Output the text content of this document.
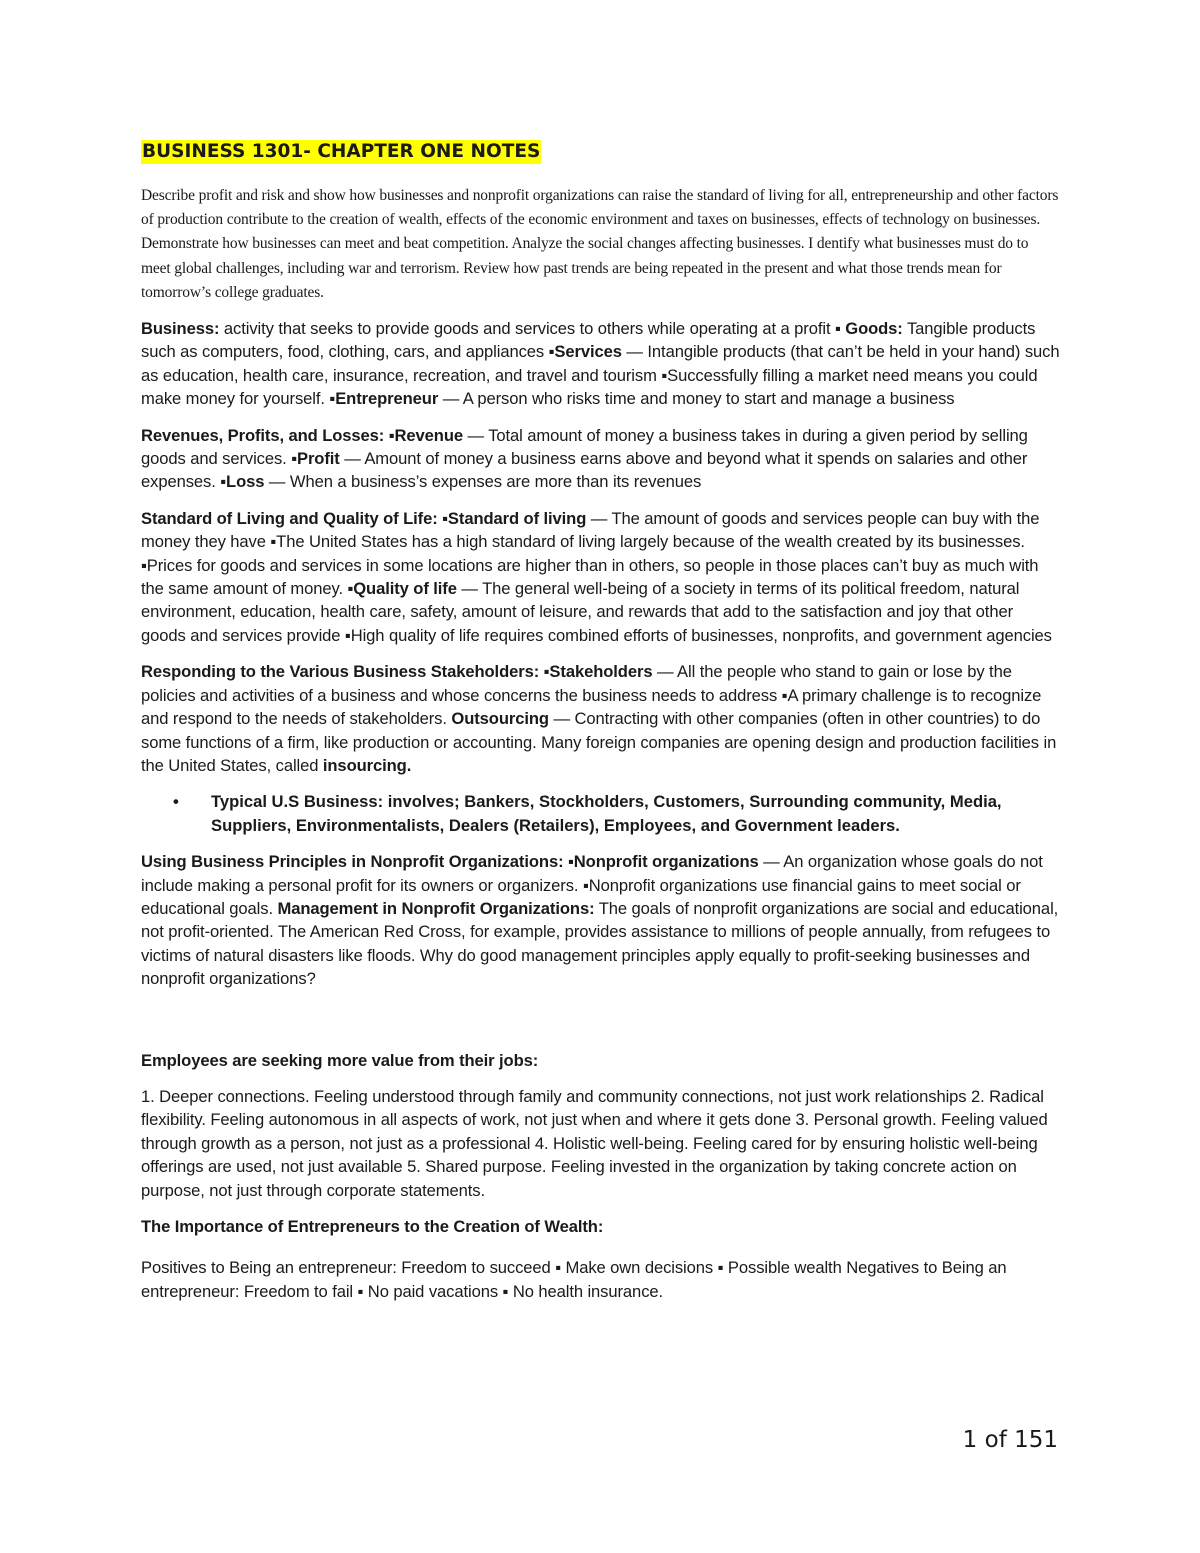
BUSINESS 1301- CHAPTER ONE NOTES

Describe profit and risk and show how businesses and nonprofit organizations can raise the standard of living for all, entrepreneurship and other factors of production contribute to the creation of wealth, effects of the economic environment and taxes on businesses, effects of technology on businesses. Demonstrate how businesses can meet and beat competition. Analyze the social changes affecting businesses. I dentify what businesses must do to meet global challenges, including war and terrorism. Review how past trends are being repeated in the present and what those trends mean for tomorrow’s college graduates.

Business: activity that seeks to provide goods and services to others while operating at a profit ▪ Goods: Tangible products such as computers, food, clothing, cars, and appliances ▪Services — Intangible products (that can’t be held in your hand) such as education, health care, insurance, recreation, and travel and tourism ▪Successfully filling a market need means you could make money for yourself. ▪Entrepreneur — A person who risks time and money to start and manage a business

Revenues, Profits, and Losses: ▪Revenue — Total amount of money a business takes in during a given period by selling goods and services. ▪Profit — Amount of money a business earns above and beyond what it spends on salaries and other expenses. ▪Loss — When a business’s expenses are more than its revenues

Standard of Living and Quality of Life: ▪Standard of living — The amount of goods and services people can buy with the money they have ▪The United States has a high standard of living largely because of the wealth created by its businesses. ▪Prices for goods and services in some locations are higher than in others, so people in those places can’t buy as much with the same amount of money. ▪Quality of life — The general well-being of a society in terms of its political freedom, natural environment, education, health care, safety, amount of leisure, and rewards that add to the satisfaction and joy that other goods and services provide ▪High quality of life requires combined efforts of businesses, nonprofits, and government agencies

Responding to the Various Business Stakeholders: ▪Stakeholders — All the people who stand to gain or lose by the policies and activities of a business and whose concerns the business needs to address ▪A primary challenge is to recognize and respond to the needs of stakeholders. Outsourcing — Contracting with other companies (often in other countries) to do some functions of a firm, like production or accounting. Many foreign companies are opening design and production facilities in the United States, called insourcing.

• Typical U.S Business: involves; Bankers, Stockholders, Customers, Surrounding community, Media, Suppliers, Environmentalists, Dealers (Retailers), Employees, and Government leaders.

Using Business Principles in Nonprofit Organizations: ▪Nonprofit organizations — An organization whose goals do not include making a personal profit for its owners or organizers. ▪Nonprofit organizations use financial gains to meet social or educational goals. Management in Nonprofit Organizations: The goals of nonprofit organizations are social and educational, not profit-oriented. The American Red Cross, for example, provides assistance to millions of people annually, from refugees to victims of natural disasters like floods. Why do good management principles apply equally to profit-seeking businesses and nonprofit organizations?

Employees are seeking more value from their jobs:

1. Deeper connections. Feeling understood through family and community connections, not just work relationships 2. Radical flexibility. Feeling autonomous in all aspects of work, not just when and where it gets done 3. Personal growth. Feeling valued through growth as a person, not just as a professional 4. Holistic well-being. Feeling cared for by ensuring holistic well-being offerings are used, not just available 5. Shared purpose. Feeling invested in the organization by taking concrete action on purpose, not just through corporate statements.

The Importance of Entrepreneurs to the Creation of Wealth:

Positives to Being an entrepreneur: Freedom to succeed ▪ Make own decisions ▪ Possible wealth Negatives to Being an entrepreneur: Freedom to fail ▪ No paid vacations ▪ No health insurance.

1 of 151
